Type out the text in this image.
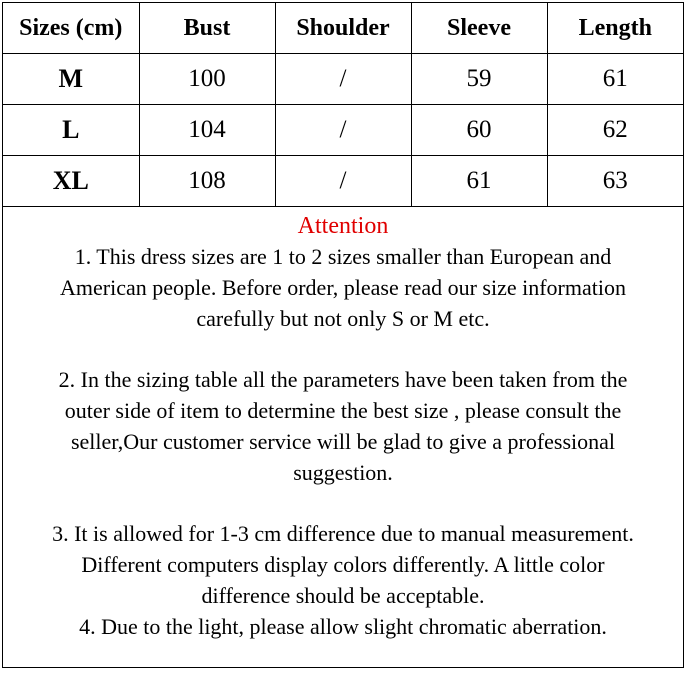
Sizes (cm)	Bust	Shoulder	Sleeve	Length
M	100	/	59	61
L	104	/	60	62
XL	108	/	61	63

Attention

1. This dress sizes are 1 to 2 sizes smaller than European and
American people. Before order, please read our size information
carefully but not only S or M etc.
2. In the sizing table all the parameters have been taken from the
outer side of item to determine the best size , please consult the
seller,Our customer service will be glad to give a professional
suggestion.
3. It is allowed for 1-3 cm difference due to manual measurement.
Different computers display colors differently. A little color
difference should be acceptable.
4. Due to the light, please allow slight chromatic aberration.
